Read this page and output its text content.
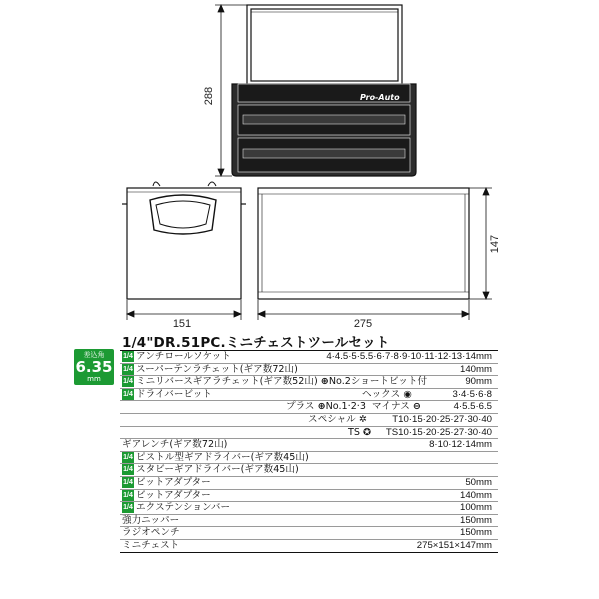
Pro-Auto
288
151	275
147
1/4"DR.51PC.ミニチェストツールセット
差込角
6.35
mm
1/4 アンチロールソケット	4·4.5·5·5.5·6·7·8·9·10·11·12·13·14mm
1/4 スーパーテンラチェット(ギア数72山)	140mm
1/4 ミニリバースギアラチェット(ギア数52山) ⊕No.2ショートビット付	90mm
1/4 ドライバービット	ヘックス ◉	3·4·5·6·8
プラス ⊕No.1·2·3 マイナス ⊖	4·5.5·6.5
スペシャル ✲	T10·15·20·25·27·30·40
TS ✪ TS10·15·20·25·27·30·40
ギアレンチ(ギア数72山)	8·10·12·14mm
1/4 ピストル型ギアドライバー(ギア数45山)
1/4 スタビーギアドライバー(ギア数45山)
1/4 ビットアダプター	50mm
1/4 ビットアダプター	140mm
1/4 エクステンションバー	100mm
強力ニッパー	150mm
ラジオペンチ	150mm
ミニチェスト	275×151×147mm
